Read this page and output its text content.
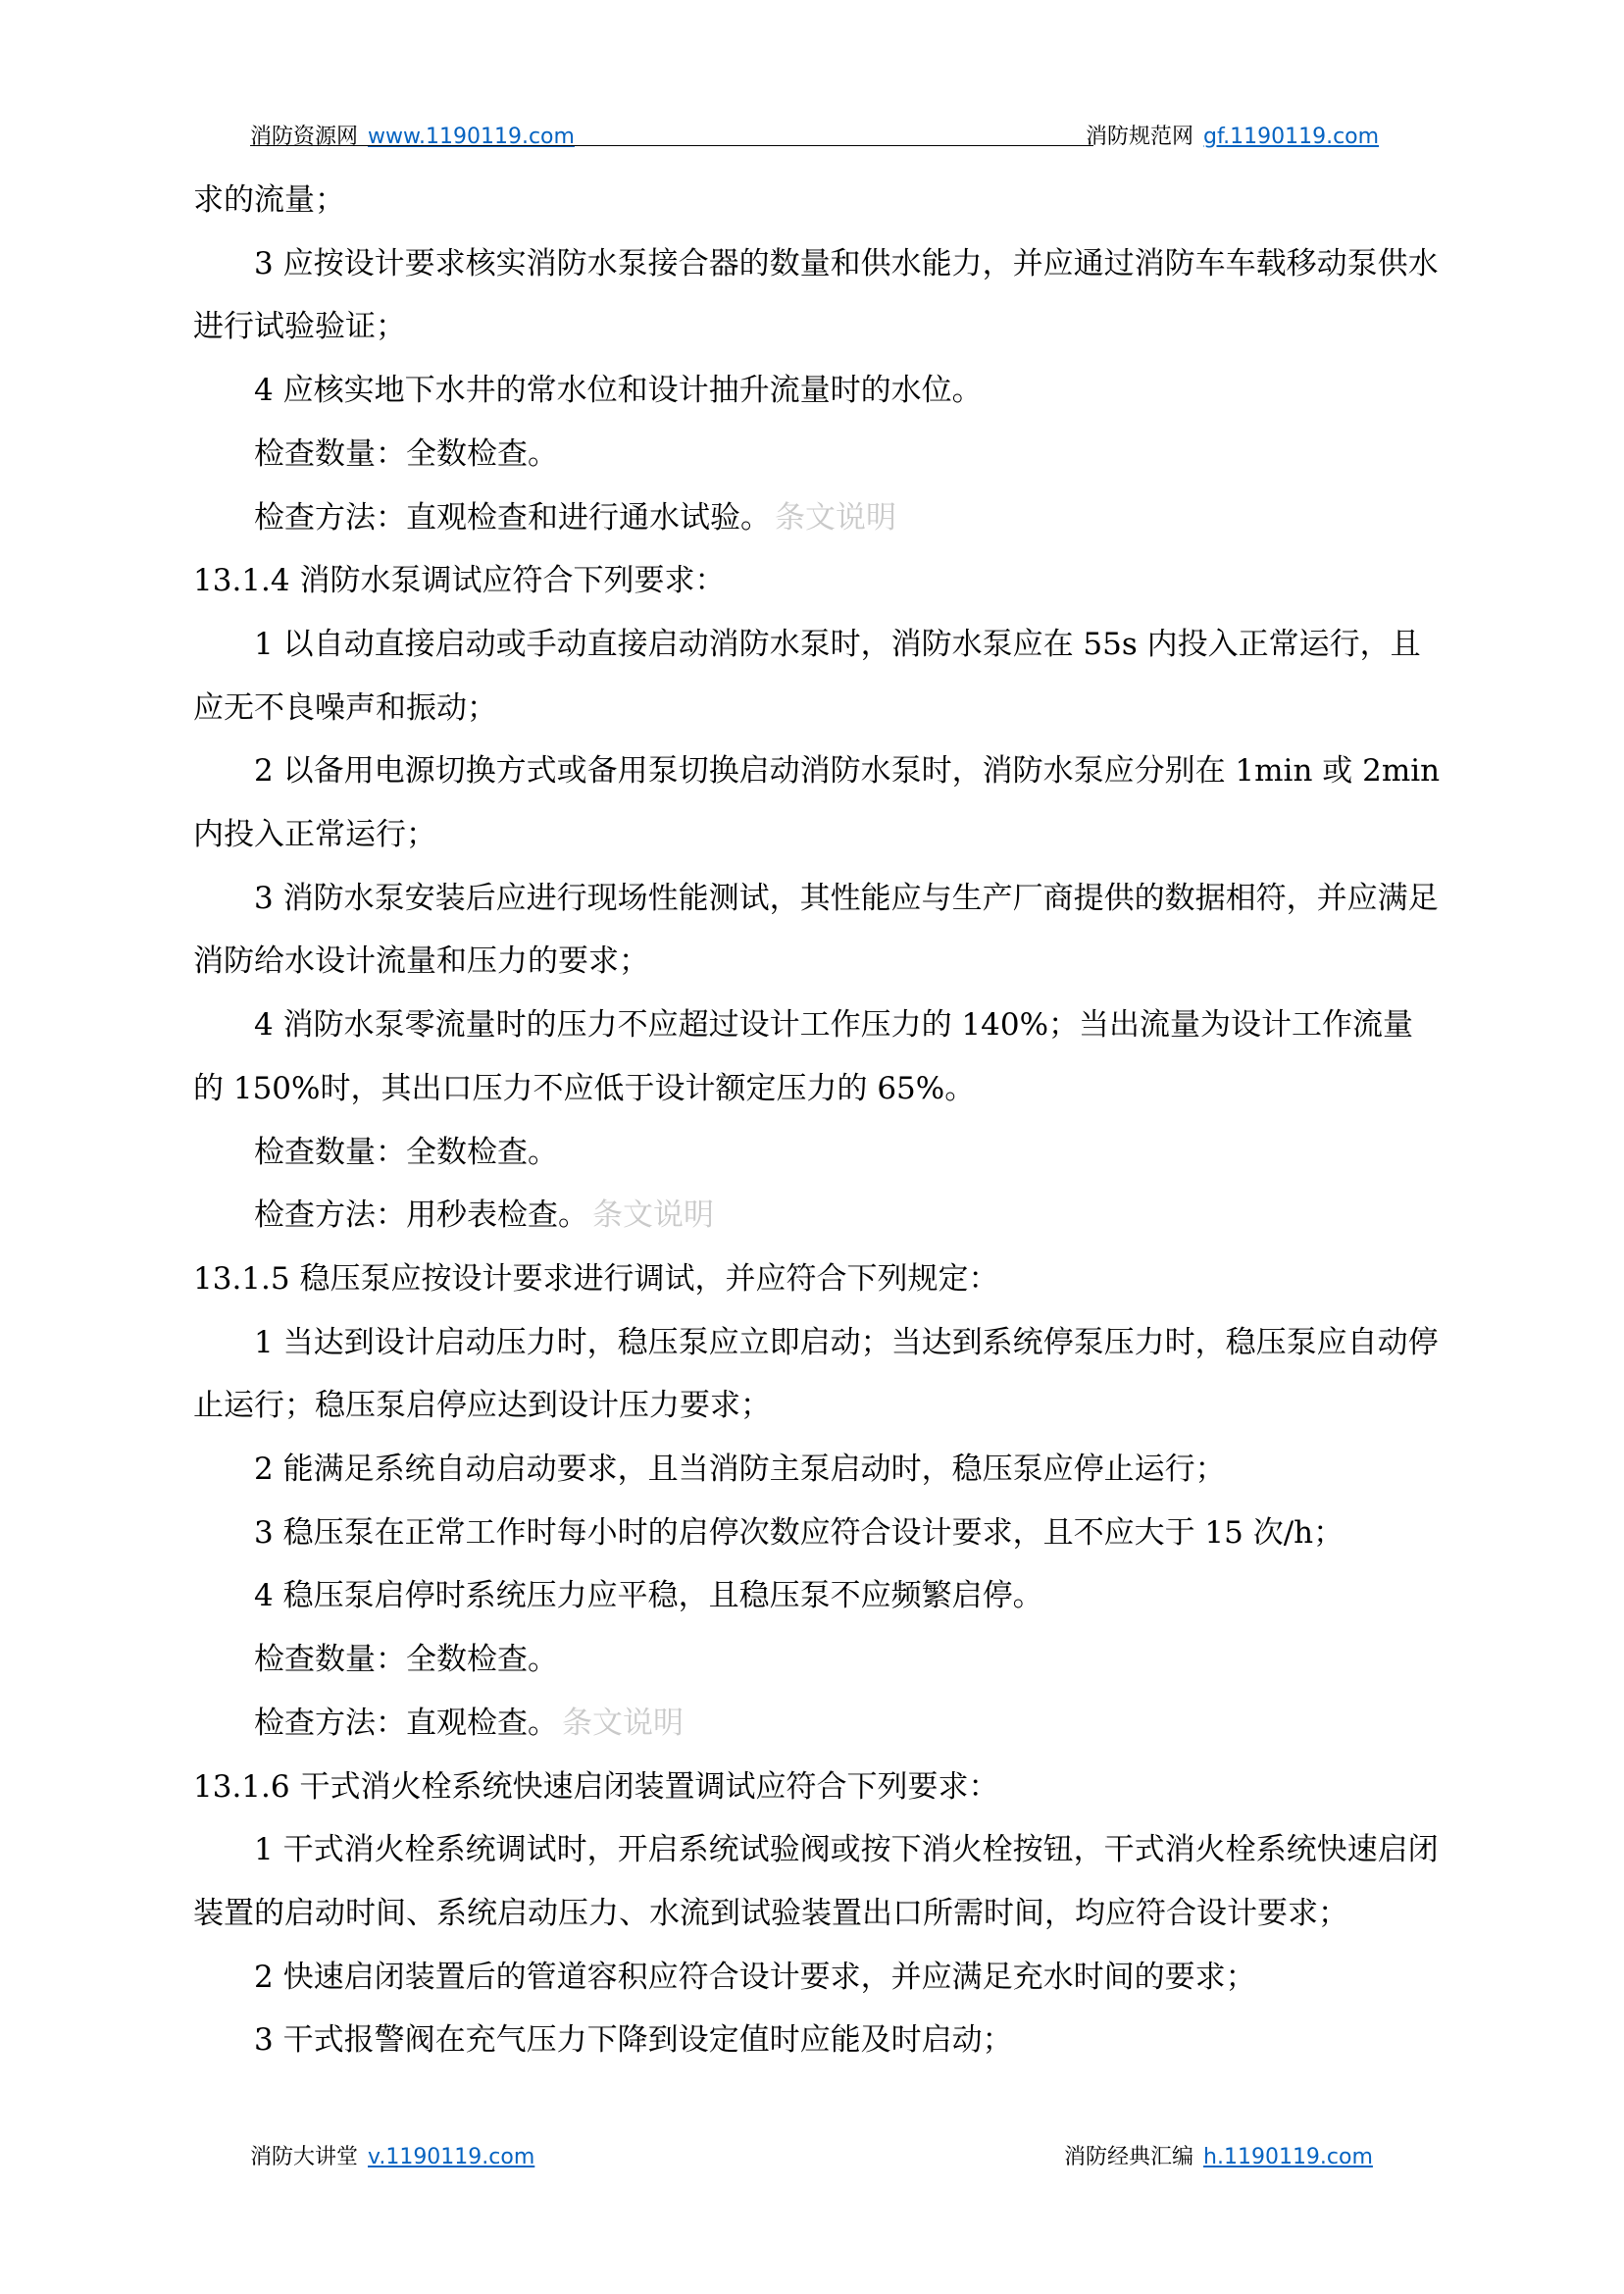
消防资源网 www.1190119.com	消防规范网 gf.1190119.com

求的流量；

3 应按设计要求核实消防水泵接合器的数量和供水能力，并应通过消防车车载移动泵供水进行试验验证；

4 应核实地下水井的常水位和设计抽升流量时的水位。

检查数量：全数检查。

检查方法：直观检查和进行通水试验。 条文说明

13.1.4 消防水泵调试应符合下列要求：

1 以自动直接启动或手动直接启动消防水泵时，消防水泵应在 55s 内投入正常运行，且应无不良噪声和振动；

2 以备用电源切换方式或备用泵切换启动消防水泵时，消防水泵应分别在 1min 或 2min 内投入正常运行；

3 消防水泵安装后应进行现场性能测试，其性能应与生产厂商提供的数据相符，并应满足消防给水设计流量和压力的要求；

4 消防水泵零流量时的压力不应超过设计工作压力的 140%；当出流量为设计工作流量的 150%时，其出口压力不应低于设计额定压力的 65%。

检查数量：全数检查。

检查方法：用秒表检查。 条文说明

13.1.5 稳压泵应按设计要求进行调试，并应符合下列规定：

1 当达到设计启动压力时，稳压泵应立即启动；当达到系统停泵压力时，稳压泵应自动停止运行；稳压泵启停应达到设计压力要求；

2 能满足系统自动启动要求，且当消防主泵启动时，稳压泵应停止运行；

3 稳压泵在正常工作时每小时的启停次数应符合设计要求，且不应大于 15 次/h；

4 稳压泵启停时系统压力应平稳，且稳压泵不应频繁启停。

检查数量：全数检查。

检查方法：直观检查。 条文说明

13.1.6 干式消火栓系统快速启闭装置调试应符合下列要求：

1 干式消火栓系统调试时，开启系统试验阀或按下消火栓按钮，干式消火栓系统快速启闭装置的启动时间、系统启动压力、水流到试验装置出口所需时间，均应符合设计要求；

2 快速启闭装置后的管道容积应符合设计要求，并应满足充水时间的要求；

3 干式报警阀在充气压力下降到设定值时应能及时启动；

消防大讲堂 v.1190119.com	消防经典汇编 h.1190119.com
